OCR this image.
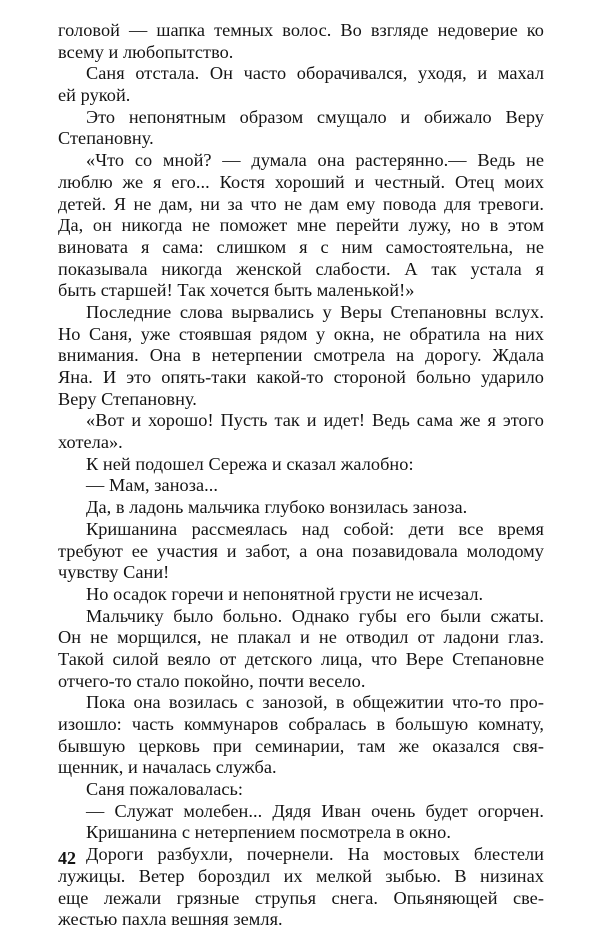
головой — шапка темных волос. Во взгляде недоверие ко
всему и любопытство.
Саня отстала. Он часто оборачивался, уходя, и махал
ей рукой.
Это непонятным образом смущало и обижало Веру
Степановну.
«Что со мной? — думала она растерянно.— Ведь не
люблю же я его... Костя хороший и честный. Отец моих
детей. Я не дам, ни за что не дам ему повода для тревоги.
Да, он никогда не поможет мне перейти лужу, но в этом
виновата я сама: слишком я с ним самостоятельна, не
показывала никогда женской слабости. А так устала я
быть старшей! Так хочется быть маленькой!»
Последние слова вырвались у Веры Степановны вслух.
Но Саня, уже стоявшая рядом у окна, не обратила на них
внимания. Она в нетерпении смотрела на дорогу. Ждала
Яна. И это опять-таки какой-то стороной больно ударило
Веру Степановну.
«Вот и хорошо! Пусть так и идет! Ведь сама же я этого
хотела».
К ней подошел Сережа и сказал жалобно:
— Мам, заноза...
Да, в ладонь мальчика глубоко вонзилась заноза.
Кришанина рассмеялась над собой: дети все время
требуют ее участия и забот, а она позавидовала молодому
чувству Сани!
Но осадок горечи и непонятной грусти не исчезал.
Мальчику было больно. Однако губы его были сжаты.
Он не морщился, не плакал и не отводил от ладони глаз.
Такой силой веяло от детского лица, что Вере Степановне
отчего-то стало покойно, почти весело.
Пока она возилась с занозой, в общежитии что-то про-
изошло: часть коммунаров собралась в большую комнату,
бывшую церковь при семинарии, там же оказался свя-
щенник, и началась служба.
Саня пожаловалась:
— Служат молебен... Дядя Иван очень будет огорчен.
Кришанина с нетерпением посмотрела в окно.
Дороги разбухли, почернели. На мостовых блестели
лужицы. Ветер бороздил их мелкой зыбью. В низинах
еще лежали грязные струпья снега. Опьяняющей све-
жестью пахла вешняя земля.
42
